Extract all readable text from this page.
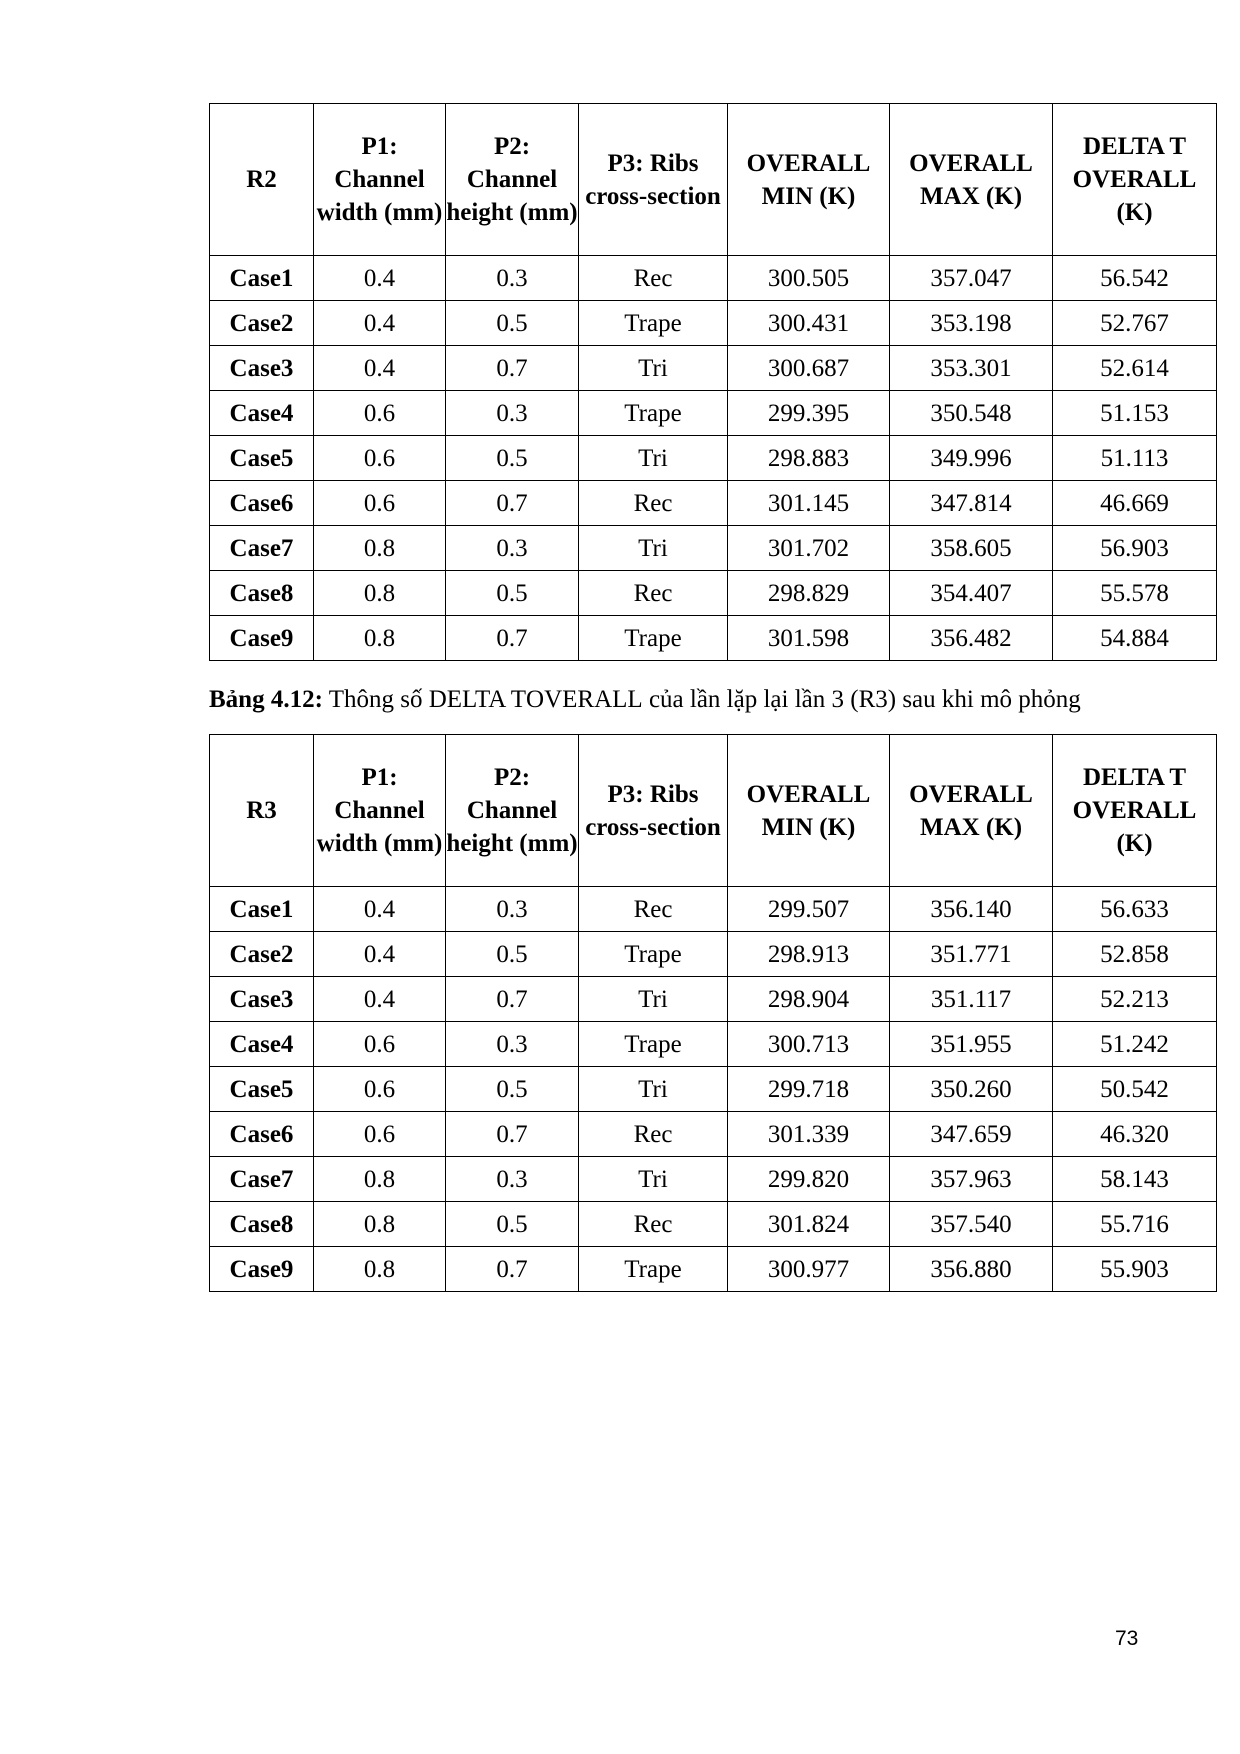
R2	P1: Channel width (mm)	P2: Channel height (mm)	P3: Ribs cross-section	OVERALL MIN (K)	OVERALL MAX (K)	DELTA T OVERALL (K)
Case1	0.4	0.3	Rec	300.505	357.047	56.542
Case2	0.4	0.5	Trape	300.431	353.198	52.767
Case3	0.4	0.7	Tri	300.687	353.301	52.614
Case4	0.6	0.3	Trape	299.395	350.548	51.153
Case5	0.6	0.5	Tri	298.883	349.996	51.113
Case6	0.6	0.7	Rec	301.145	347.814	46.669
Case7	0.8	0.3	Tri	301.702	358.605	56.903
Case8	0.8	0.5	Rec	298.829	354.407	55.578
Case9	0.8	0.7	Trape	301.598	356.482	54.884
Bảng 4.12: Thông số DELTA TOVERALL của lần lặp lại lần 3 (R3) sau khi mô phỏng
R3	P1: Channel width (mm)	P2: Channel height (mm)	P3: Ribs cross-section	OVERALL MIN (K)	OVERALL MAX (K)	DELTA T OVERALL (K)
Case1	0.4	0.3	Rec	299.507	356.140	56.633
Case2	0.4	0.5	Trape	298.913	351.771	52.858
Case3	0.4	0.7	Tri	298.904	351.117	52.213
Case4	0.6	0.3	Trape	300.713	351.955	51.242
Case5	0.6	0.5	Tri	299.718	350.260	50.542
Case6	0.6	0.7	Rec	301.339	347.659	46.320
Case7	0.8	0.3	Tri	299.820	357.963	58.143
Case8	0.8	0.5	Rec	301.824	357.540	55.716
Case9	0.8	0.7	Trape	300.977	356.880	55.903
73
